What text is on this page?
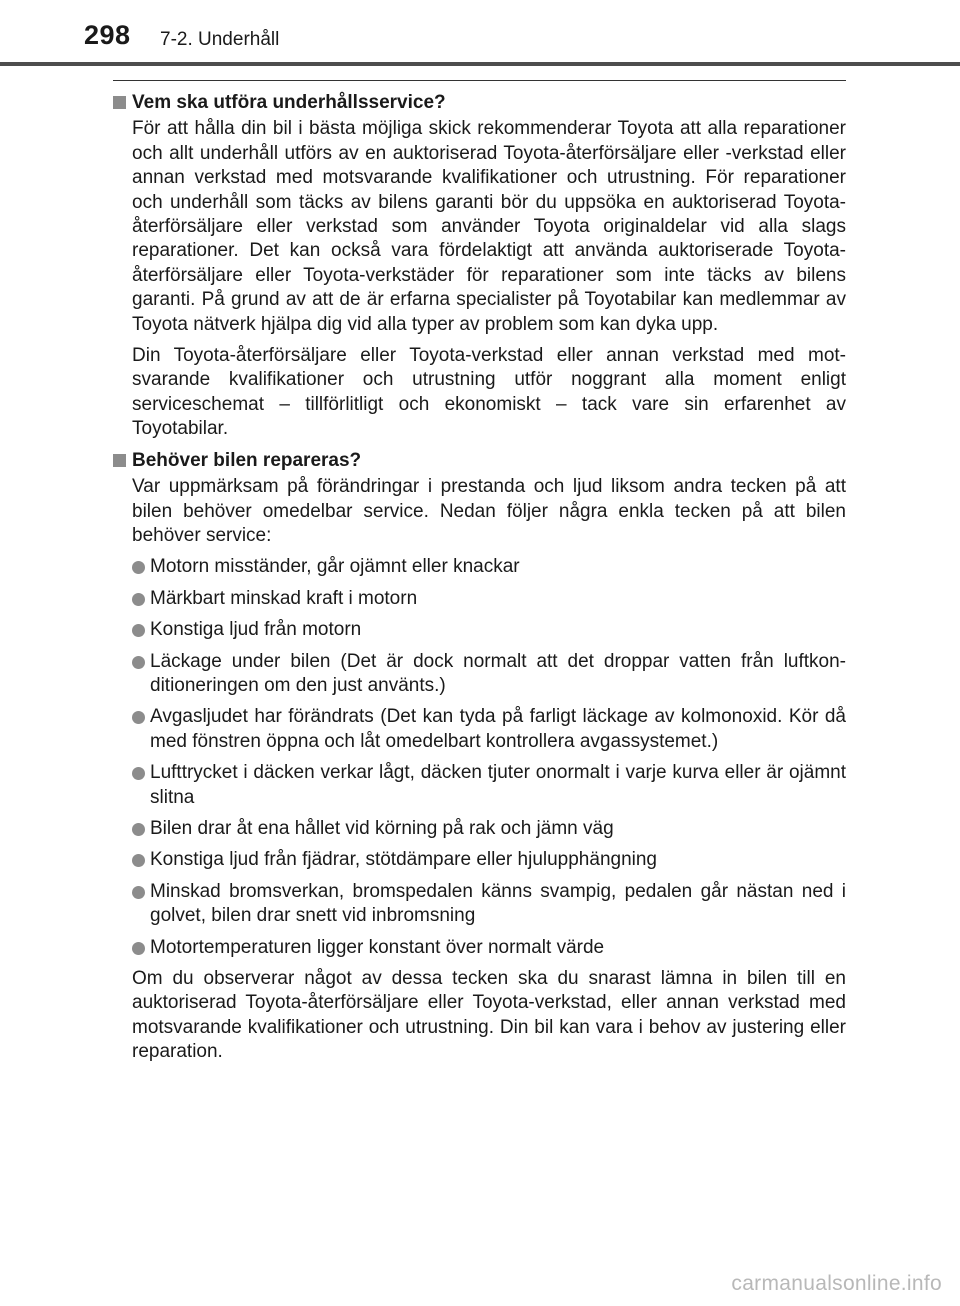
298 7-2. Underhåll
Vem ska utföra underhållsservice?

För att hålla din bil i bästa möjliga skick rekommenderar Toyota att alla reparationer och allt underhåll utförs av en auktoriserad Toyota-återförsäljare eller -verkstad eller annan verkstad med motsvarande kvalifikationer och utrustning. För reparationer och underhåll som täcks av bilens garanti bör du uppsöka en auktoriserad Toyota-återförsäljare eller verkstad som använder Toyota originaldelar vid alla slags reparationer. Det kan också vara fördelaktigt att använda auktoriserade Toyota-återförsäljare eller Toyota-verkstäder för reparationer som inte täcks av bilens garanti. På grund av att de är erfarna specialister på Toyotabilar kan medlemmar av Toyota nätverk hjälpa dig vid alla typer av problem som kan dyka upp.

Din Toyota-återförsäljare eller Toyota-verkstad eller annan verkstad med motsvarande kvalifikationer och utrustning utför noggrant alla moment enligt serviceschemat – tillförlitligt och ekonomiskt – tack vare sin erfarenhet av Toyotabilar.

Behöver bilen repareras?

Var uppmärksam på förändringar i prestanda och ljud liksom andra tecken på att bilen behöver omedelbar service. Nedan följer några enkla tecken på att bilen behöver service:

Motorn misständer, går ojämnt eller knackar
Märkbart minskad kraft i motorn
Konstiga ljud från motorn
Läckage under bilen (Det är dock normalt att det droppar vatten från luftkonditioneringen om den just använts.)
Avgasljudet har förändrats (Det kan tyda på farligt läckage av kolmonoxid. Kör då med fönstren öppna och låt omedelbart kontrollera avgassystemet.)
Lufttrycket i däcken verkar lågt, däcken tjuter onormalt i varje kurva eller är ojämnt slitna
Bilen drar åt ena hållet vid körning på rak och jämn väg
Konstiga ljud från fjädrar, stötdämpare eller hjulupphängning
Minskad bromsverkan, bromspedalen känns svampig, pedalen går nästan ned i golvet, bilen drar snett vid inbromsning
Motortemperaturen ligger konstant över normalt värde

Om du observerar något av dessa tecken ska du snarast lämna in bilen till en auktoriserad Toyota-återförsäljare eller Toyota-verkstad, eller annan verkstad med motsvarande kvalifikationer och utrustning. Din bil kan vara i behov av justering eller reparation.

carmanualsonline.info
